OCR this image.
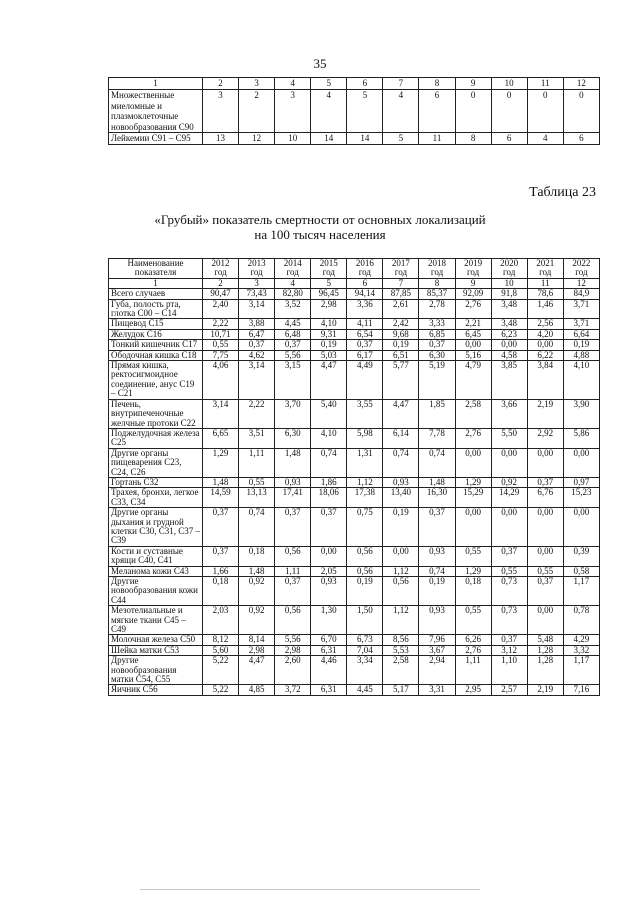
35
1	2	3	4	5	6	7	8	9	10	11	12
Множественные миеломные и плазмоклеточные новообразования С90	3	2	3	4	5	4	6	0	0	0	0
Лейкемии С91 – С95	13	12	10	14	14	5	11	8	6	4	6
Таблица 23
«Грубый» показатель смертности от основных локализаций
на 100 тысяч населения
Наименование показателя	2012 год	2013 год	2014 год	2015 год	2016 год	2017 год	2018 год	2019 год	2020 год	2021 год	2022 год
1	2	3	4	5	6	7	8	9	10	11	12
Всего случаев	90,47	73,43	82,80	96,45	94,14	87,85	85,37	92,09	91,8	78,6	84,9
Губа, полость рта, глотка С00 – С14	2,40	3,14	3,52	2,98	3,36	2,61	2,78	2,76	3,48	1,46	3,71
Пищевод С15	2,22	3,88	4,45	4,10	4,11	2,42	3,33	2,21	3,48	2,56	3,71
Желудок С16	10,71	6,47	6,48	9,31	6,54	9,68	6,85	6,45	6,23	4,20	6,64
Тонкий кишечник С17	0,55	0,37	0,37	0,19	0,37	0,19	0,37	0,00	0,00	0,00	0,19
Ободочная кишка С18	7,75	4,62	5,56	5,03	6,17	6,51	6,30	5,16	4,58	6,22	4,88
Прямая кишка, ректосигмоидное соединение, анус С19 – С21	4,06	3,14	3,15	4,47	4,49	5,77	5,19	4,79	3,85	3,84	4,10
Печень, внутрипеченочные желчные протоки С22	3,14	2,22	3,70	5,40	3,55	4,47	1,85	2,58	3,66	2,19	3,90
Поджелудочная железа С25	6,65	3,51	6,30	4,10	5,98	6,14	7,78	2,76	5,50	2,92	5,86
Другие органы пищеварения С23, С24, С26	1,29	1,11	1,48	0,74	1,31	0,74	0,74	0,00	0,00	0,00	0,00
Гортань С32	1,48	0,55	0,93	1,86	1,12	0,93	1,48	1,29	0,92	0,37	0,97
Трахея, бронхи, легкое С33, С34	14,59	13,13	17,41	18,06	17,38	13,40	16,30	15,29	14,29	6,76	15,23
Другие органы дыхания и грудной клетки С30, С31, С37 – С39	0,37	0,74	0,37	0,37	0,75	0,19	0,37	0,00	0,00	0,00	0,00
Кости и суставные хрящи С40, С41	0,37	0,18	0,56	0,00	0,56	0,00	0,93	0,55	0,37	0,00	0,39
Меланома кожи С43	1,66	1,48	1,11	2,05	0,56	1,12	0,74	1,29	0,55	0,55	0,58
Другие новообразования кожи С44	0,18	0,92	0,37	0,93	0,19	0,56	0,19	0,18	0,73	0,37	1,17
Мезотелиальные и мягкие ткани С45 – С49	2,03	0,92	0,56	1,30	1,50	1,12	0,93	0,55	0,73	0,00	0,78
Молочная железа С50	8,12	8,14	5,56	6,70	6,73	8,56	7,96	6,26	0,37	5,48	4,29
Шейка матки С53	5,60	2,98	2,98	6,31	7,04	5,53	3,67	2,76	3,12	1,28	3,32
Другие новообразования матки С54, С55	5,22	4,47	2,60	4,46	3,34	2,58	2,94	1,11	1,10	1,28	1,17
Яичник С56	5,22	4,85	3,72	6,31	4,45	5,17	3,31	2,95	2,57	2,19	7,16
